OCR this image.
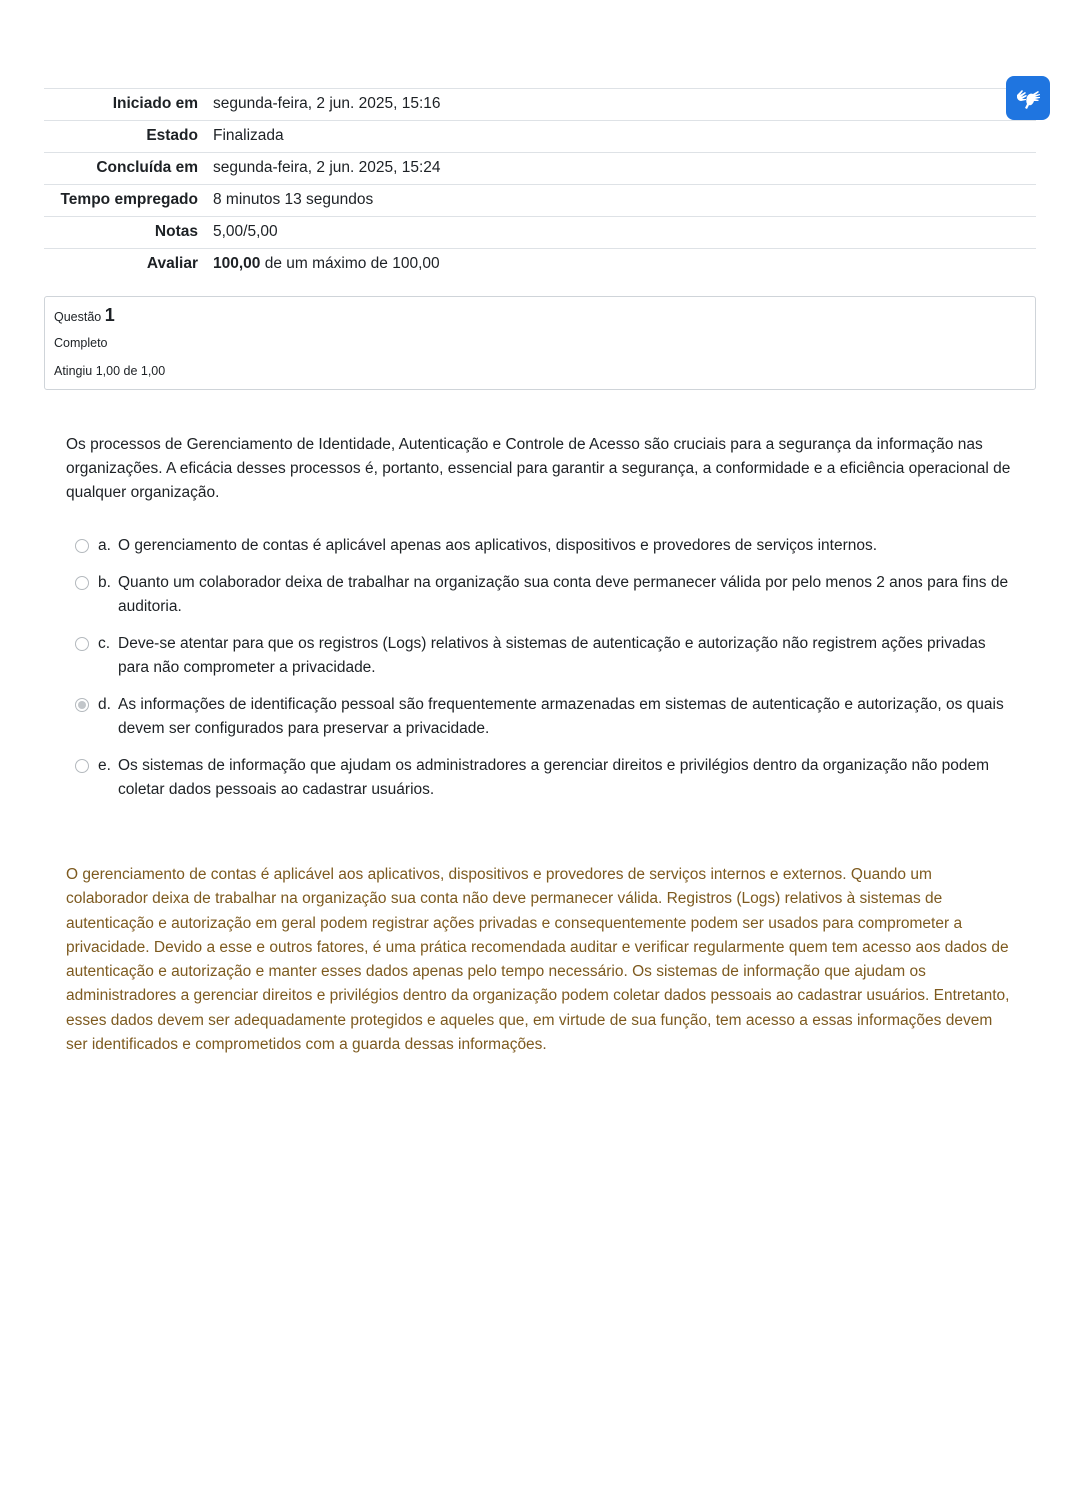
Iniciado em	segunda-feira, 2 jun. 2025, 15:16
Estado	Finalizada
Concluída em	segunda-feira, 2 jun. 2025, 15:24
Tempo empregado	8 minutos 13 segundos
Notas	5,00/5,00
Avaliar	100,00 de um máximo de 100,00
Questão 1
Completo
Atingiu 1,00 de 1,00
Os processos de Gerenciamento de Identidade, Autenticação e Controle de Acesso são cruciais para a segurança da informação nas organizações. A eficácia desses processos é, portanto, essencial para garantir a segurança, a conformidade e a eficiência operacional de qualquer organização.
a. O gerenciamento de contas é aplicável apenas aos aplicativos, dispositivos e provedores de serviços internos.
b. Quanto um colaborador deixa de trabalhar na organização sua conta deve permanecer válida por pelo menos 2 anos para fins de auditoria.
c. Deve-se atentar para que os registros (Logs) relativos à sistemas de autenticação e autorização não registrem ações privadas para não comprometer a privacidade.
d. As informações de identificação pessoal são frequentemente armazenadas em sistemas de autenticação e autorização, os quais devem ser configurados para preservar a privacidade.
e. Os sistemas de informação que ajudam os administradores a gerenciar direitos e privilégios dentro da organização não podem coletar dados pessoais ao cadastrar usuários.
O gerenciamento de contas é aplicável aos aplicativos, dispositivos e provedores de serviços internos e externos. Quando um colaborador deixa de trabalhar na organização sua conta não deve permanecer válida. Registros (Logs) relativos à sistemas de autenticação e autorização em geral podem registrar ações privadas e consequentemente podem ser usados para comprometer a privacidade. Devido a esse e outros fatores, é uma prática recomendada auditar e verificar regularmente quem tem acesso aos dados de autenticação e autorização e manter esses dados apenas pelo tempo necessário. Os sistemas de informação que ajudam os administradores a gerenciar direitos e privilégios dentro da organização podem coletar dados pessoais ao cadastrar usuários. Entretanto, esses dados devem ser adequadamente protegidos e aqueles que, em virtude de sua função, tem acesso a essas informações devem ser identificados e comprometidos com a guarda dessas informações.
